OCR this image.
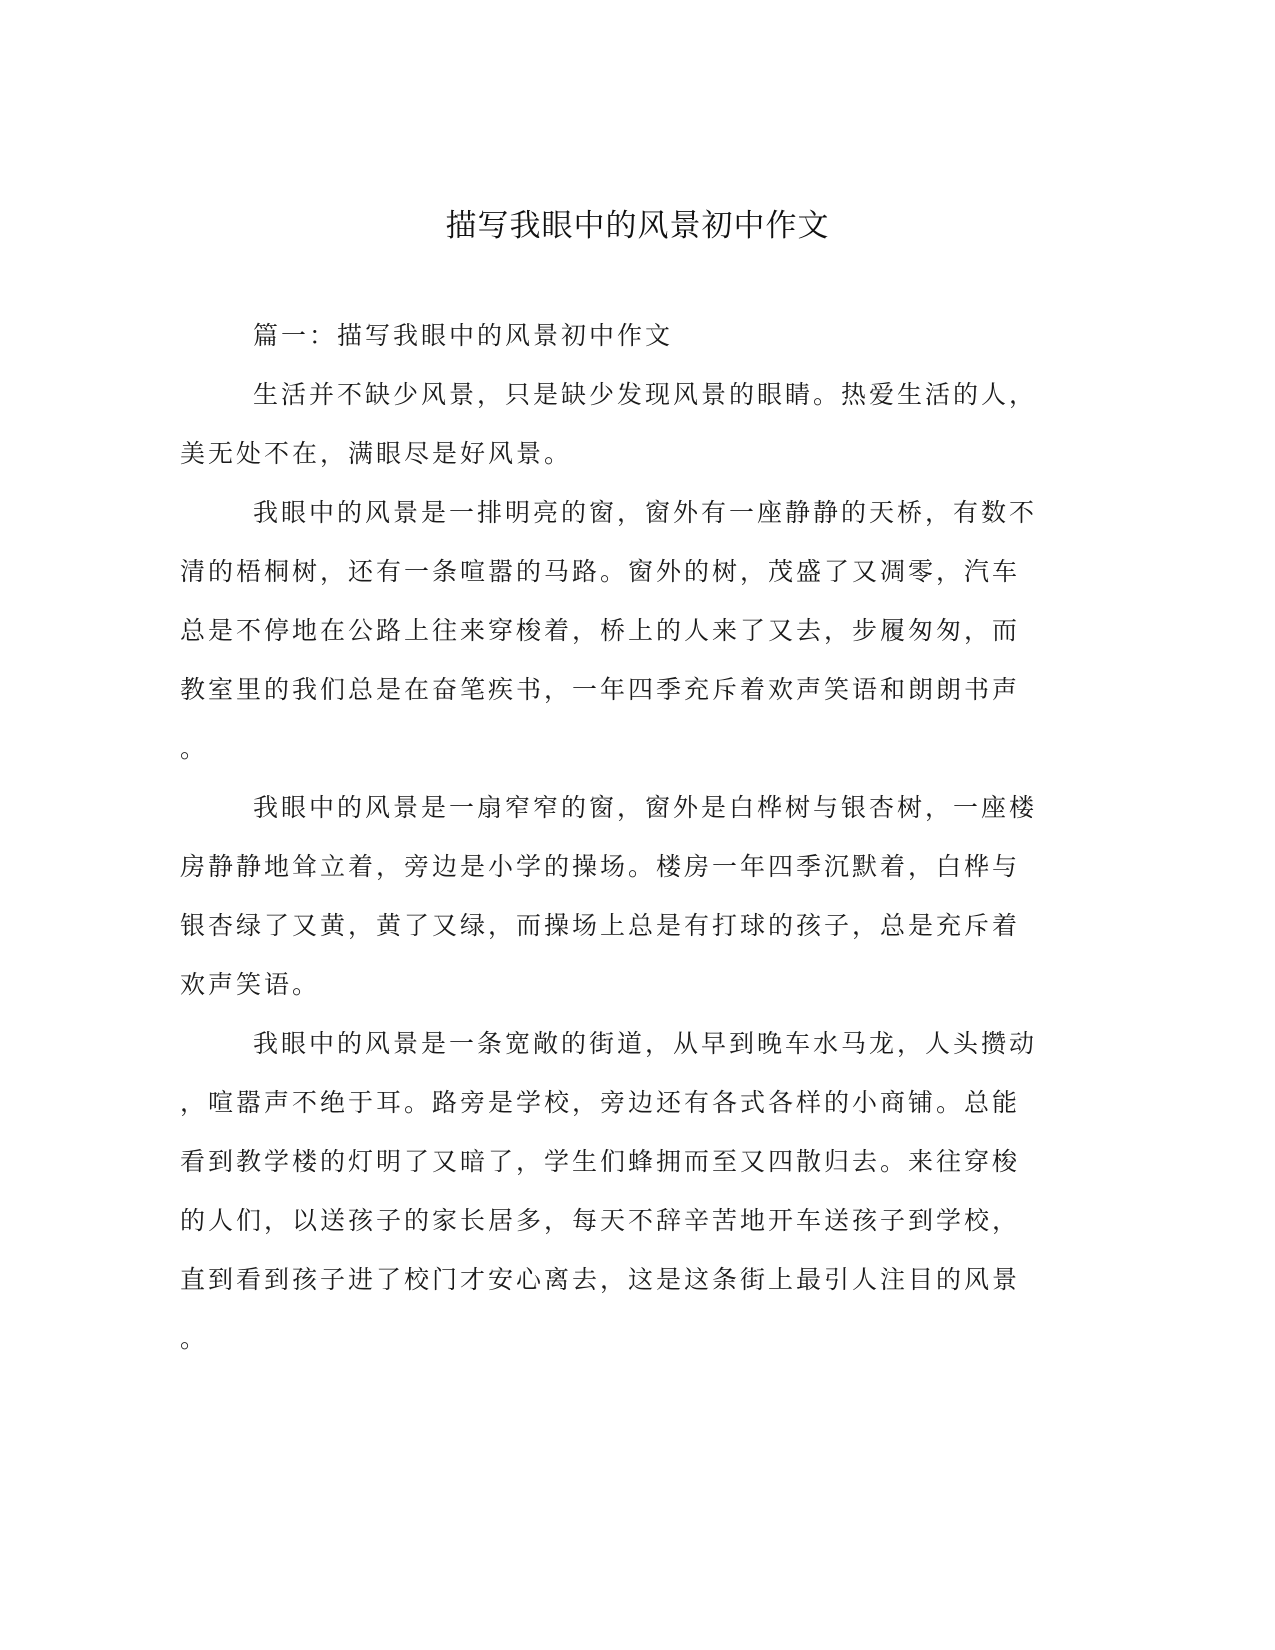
描写我眼中的风景初中作文
篇一：描写我眼中的风景初中作文
生活并不缺少风景，只是缺少发现风景的眼睛。热爱生活的人，
美无处不在，满眼尽是好风景。
我眼中的风景是一排明亮的窗，窗外有一座静静的天桥，有数不
清的梧桐树，还有一条喧嚣的马路。窗外的树，茂盛了又凋零，汽车
总是不停地在公路上往来穿梭着，桥上的人来了又去，步履匆匆，而
教室里的我们总是在奋笔疾书，一年四季充斥着欢声笑语和朗朗书声
。
我眼中的风景是一扇窄窄的窗，窗外是白桦树与银杏树，一座楼
房静静地耸立着，旁边是小学的操场。楼房一年四季沉默着，白桦与
银杏绿了又黄，黄了又绿，而操场上总是有打球的孩子，总是充斥着
欢声笑语。
我眼中的风景是一条宽敞的街道，从早到晚车水马龙，人头攒动
，喧嚣声不绝于耳。路旁是学校，旁边还有各式各样的小商铺。总能
看到教学楼的灯明了又暗了，学生们蜂拥而至又四散归去。来往穿梭
的人们，以送孩子的家长居多，每天不辞辛苦地开车送孩子到学校，
直到看到孩子进了校门才安心离去，这是这条街上最引人注目的风景
。
